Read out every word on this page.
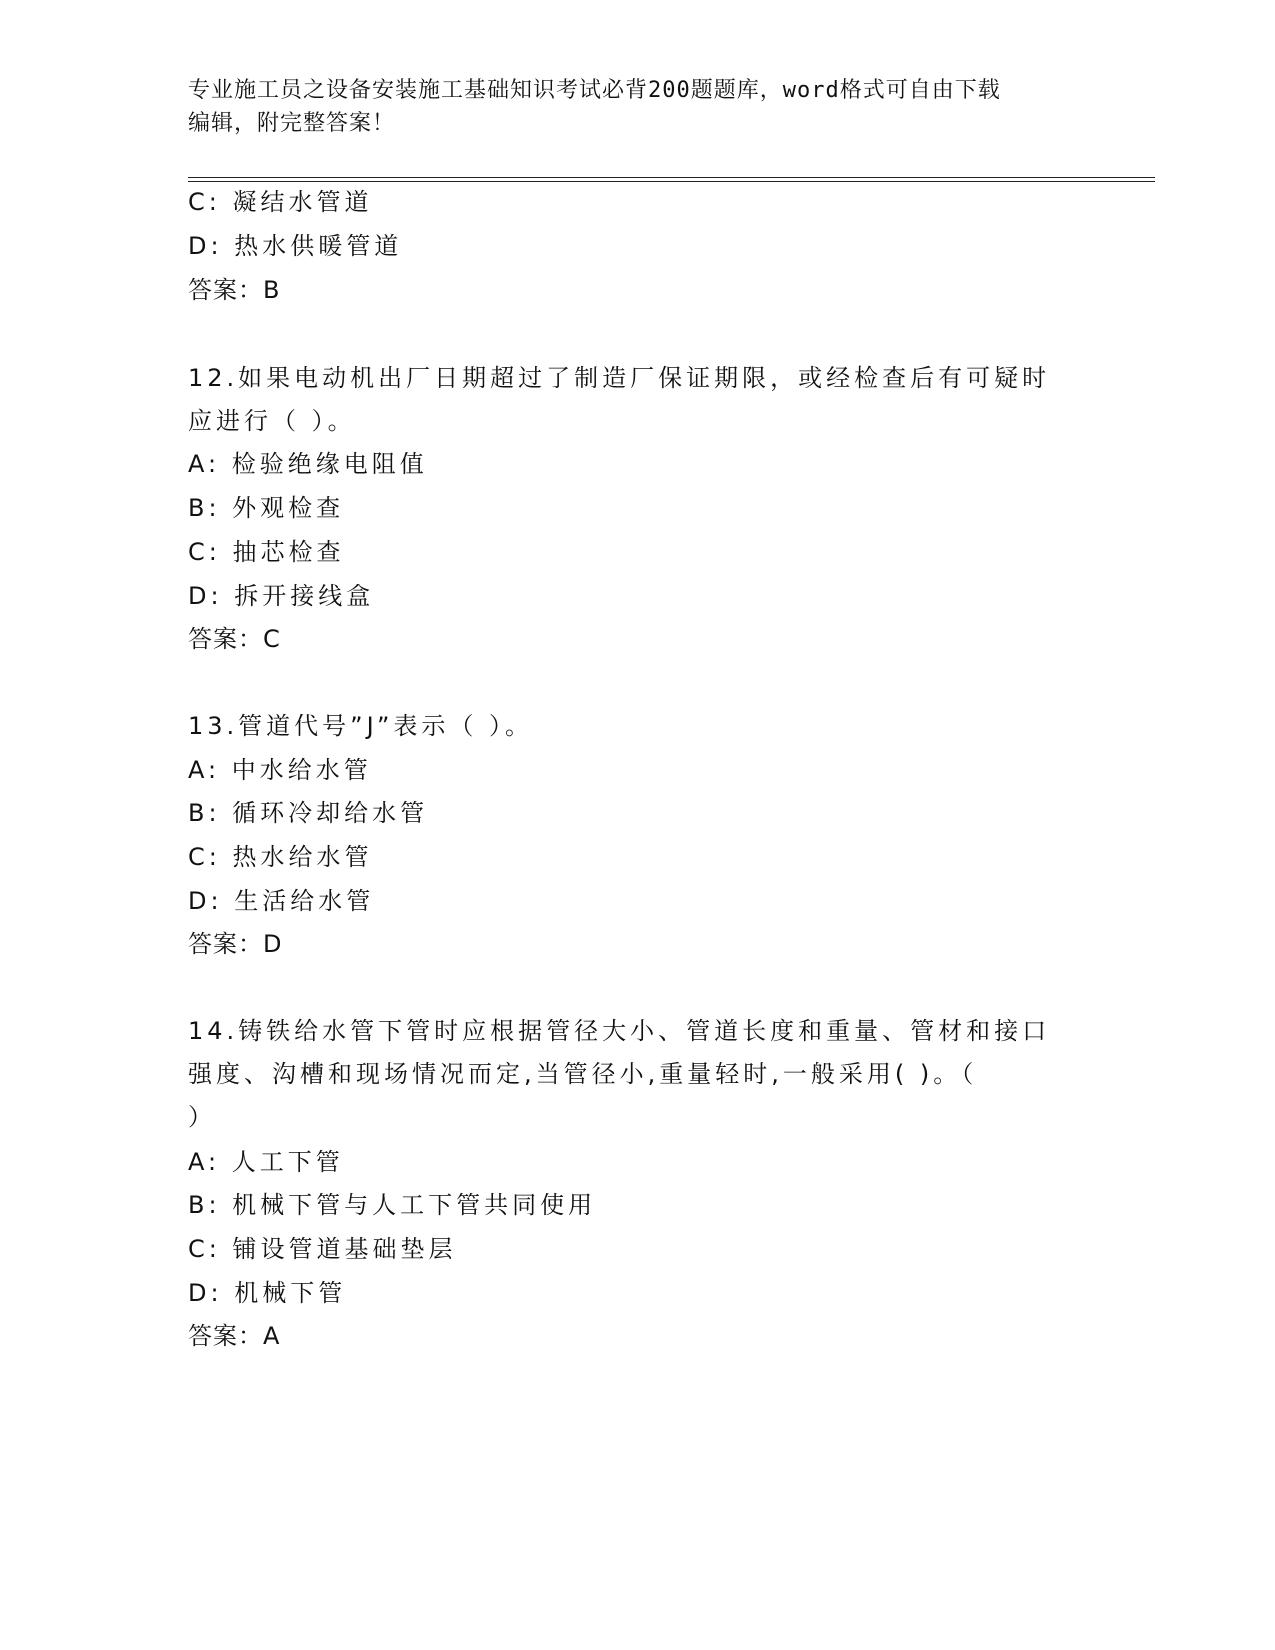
专业施工员之设备安装施工基础知识考试必背200题题库，word格式可自由下载
编辑，附完整答案！
C: 凝结水管道
D: 热水供暖管道
答案：B
12.如果电动机出厂日期超过了制造厂保证期限，或经检查后有可疑时
应进行（ ）。
A: 检验绝缘电阻值
B: 外观检查
C: 抽芯检查
D: 拆开接线盒
答案：C
13.管道代号”J”表示（ ）。
A: 中水给水管
B: 循环冷却给水管
C: 热水给水管
D: 生活给水管
答案：D
14.铸铁给水管下管时应根据管径大小、管道长度和重量、管材和接口
强度、沟槽和现场情况而定,当管径小,重量轻时,一般采用( )。（
）
A: 人工下管
B: 机械下管与人工下管共同使用
C: 铺设管道基础垫层
D: 机械下管
答案：A
